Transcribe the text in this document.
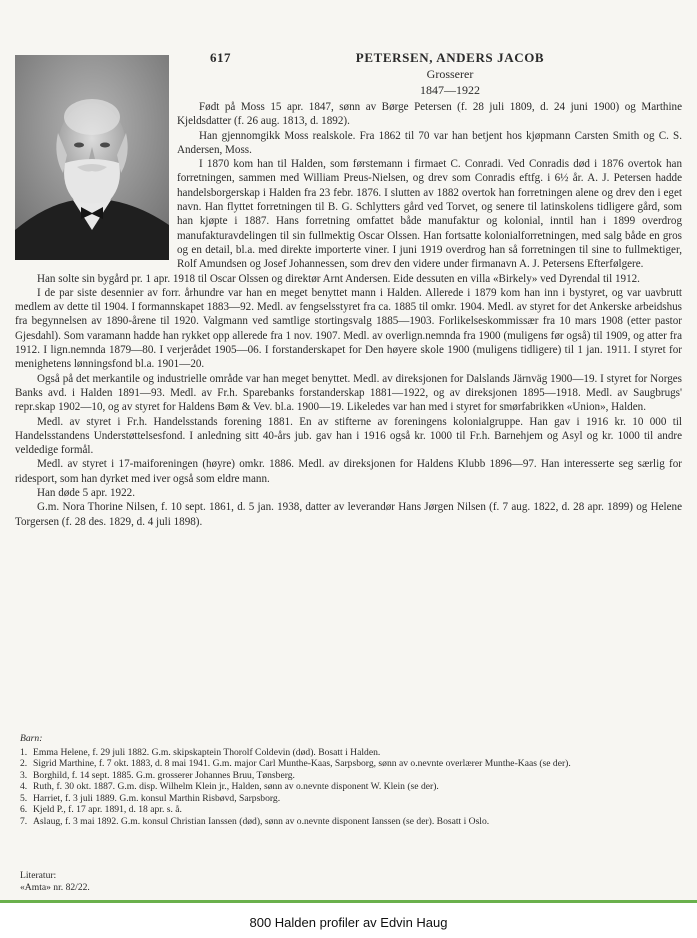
617	PETERSEN, ANDERS JACOB
Grosserer
1847—1922

Født på Moss 15 apr. 1847, sønn av Børge Petersen (f. 28 juli 1809, d. 24 juni 1900) og Marthine Kjeldsdatter (f. 26 aug. 1813, d. 1892).

Han gjennomgikk Moss realskole. Fra 1862 til 70 var han betjent hos kjøpmann Carsten Smith og C. S. Andersen, Moss.

I 1870 kom han til Halden, som førstemann i firmaet C. Conradi. Ved Conradis død i 1876 overtok han forretningen, sammen med William Preus-Nielsen, og drev som Conradis eftfg. i 6½ år. A. J. Petersen hadde handelsborgerskap i Halden fra 23 febr. 1876. I slutten av 1882 overtok han forretningen alene og drev den i eget navn. Han flyttet forretningen til B. G. Schlytters gård ved Torvet, og senere til latinskolens tidligere gård, som han kjøpte i 1887. Hans forretning omfattet både manufaktur og kolonial, inntil han i 1899 overdrog manufakturavdelingen til sin fullmektig Oscar Olssen. Han fortsatte kolonialforretningen, med salg både en gros og en detail, bl.a. med direkte importerte viner. I juni 1919 overdrog han så forretningen til sine to fullmektiger, Rolf Amundsen og Josef Johannessen, som drev den videre under firmanavn A. J. Petersens Efterfølgere.

Han solte sin bygård pr. 1 apr. 1918 til Oscar Olssen og direktør Arnt Andersen. Eide dessuten en villa «Birkely» ved Dyrendal til 1912.

I de par siste desennier av forr. århundre var han en meget benyttet mann i Halden. Allerede i 1879 kom han inn i bystyret, og var uavbrutt medlem av dette til 1904. I formannskapet 1883—92. Medl. av fengselsstyret fra ca. 1885 til omkr. 1904. Medl. av styret for det Ankerske arbeidshus fra begynnelsen av 1890-årene til 1920. Valgmann ved samtlige stortingsvalg 1885—1903. Forlikelseskommissær fra 10 mars 1908 (etter pastor Gjesdahl). Som varamann hadde han rykket opp allerede fra 1 nov. 1907. Medl. av overlign.nemnda fra 1900 (muligens før også) til 1909, og atter fra 1912. I lign.nemnda 1879—80. I verjerådet 1905—06. I forstanderskapet for Den høyere skole 1900 (muligens tidligere) til 1 jan. 1911. I styret for menighetens lønningsfond bl.a. 1901—20.

Også på det merkantile og industrielle område var han meget benyttet. Medl. av direksjonen for Dalslands Järnväg 1900—19. I styret for Norges Banks avd. i Halden 1891—93. Medl. av Fr.h. Sparebanks forstanderskap 1881—1922, og av direksjonen 1895—1918. Medl. av Saugbrugs' repr.skap 1902—10, og av styret for Haldens Bøm & Vev. bl.a. 1900—19. Likeledes var han med i styret for smørfabrikken «Union», Halden.

Medl. av styret i Fr.h. Handelsstands forening 1881. En av stifterne av foreningens kolonialgruppe. Han gav i 1916 kr. 10 000 til Handelsstandens Understøttelsesfond. I anledning sitt 40-års jub. gav han i 1916 også kr. 1000 til Fr.h. Barnehjem og Asyl og kr. 1000 til andre veldedige formål.

Medl. av styret i 17-maiforeningen (høyre) omkr. 1886. Medl. av direksjonen for Haldens Klubb 1896—97. Han interesserte seg særlig for ridesport, som han dyrket med iver også som eldre mann.

Han døde 5 apr. 1922.

G.m. Nora Thorine Nilsen, f. 10 sept. 1861, d. 5 jan. 1938, datter av leverandør Hans Jørgen Nilsen (f. 7 aug. 1822, d. 28 apr. 1899) og Helene Torgersen (f. 28 des. 1829, d. 4 juli 1898).

Barn:
1. Emma Helene, f. 29 juli 1882. G.m. skipskaptein Thorolf Coldevin (død). Bosatt i Halden.
2. Sigrid Marthine, f. 7 okt. 1883, d. 8 mai 1941. G.m. major Carl Munthe-Kaas, Sarpsborg, sønn av o.nevnte overlærer Munthe-Kaas (se der).
3. Borghild, f. 14 sept. 1885. G.m. grosserer Johannes Bruu, Tønsberg.
4. Ruth, f. 30 okt. 1887. G.m. disp. Wilhelm Klein jr., Halden, sønn av o.nevnte disponent W. Klein (se der).
5. Harriet, f. 3 juli 1889. G.m. konsul Marthin Risbøvd, Sarpsborg.
6. Kjeld P., f. 17 apr. 1891, d. 18 apr. s. å.
7. Aslaug, f. 3 mai 1892. G.m. konsul Christian Ianssen (død), sønn av o.nevnte disponent Ianssen (se der). Bosatt i Oslo.
Literatur:
«Amta» nr. 82/22.
800 Halden profiler av Edvin Haug
